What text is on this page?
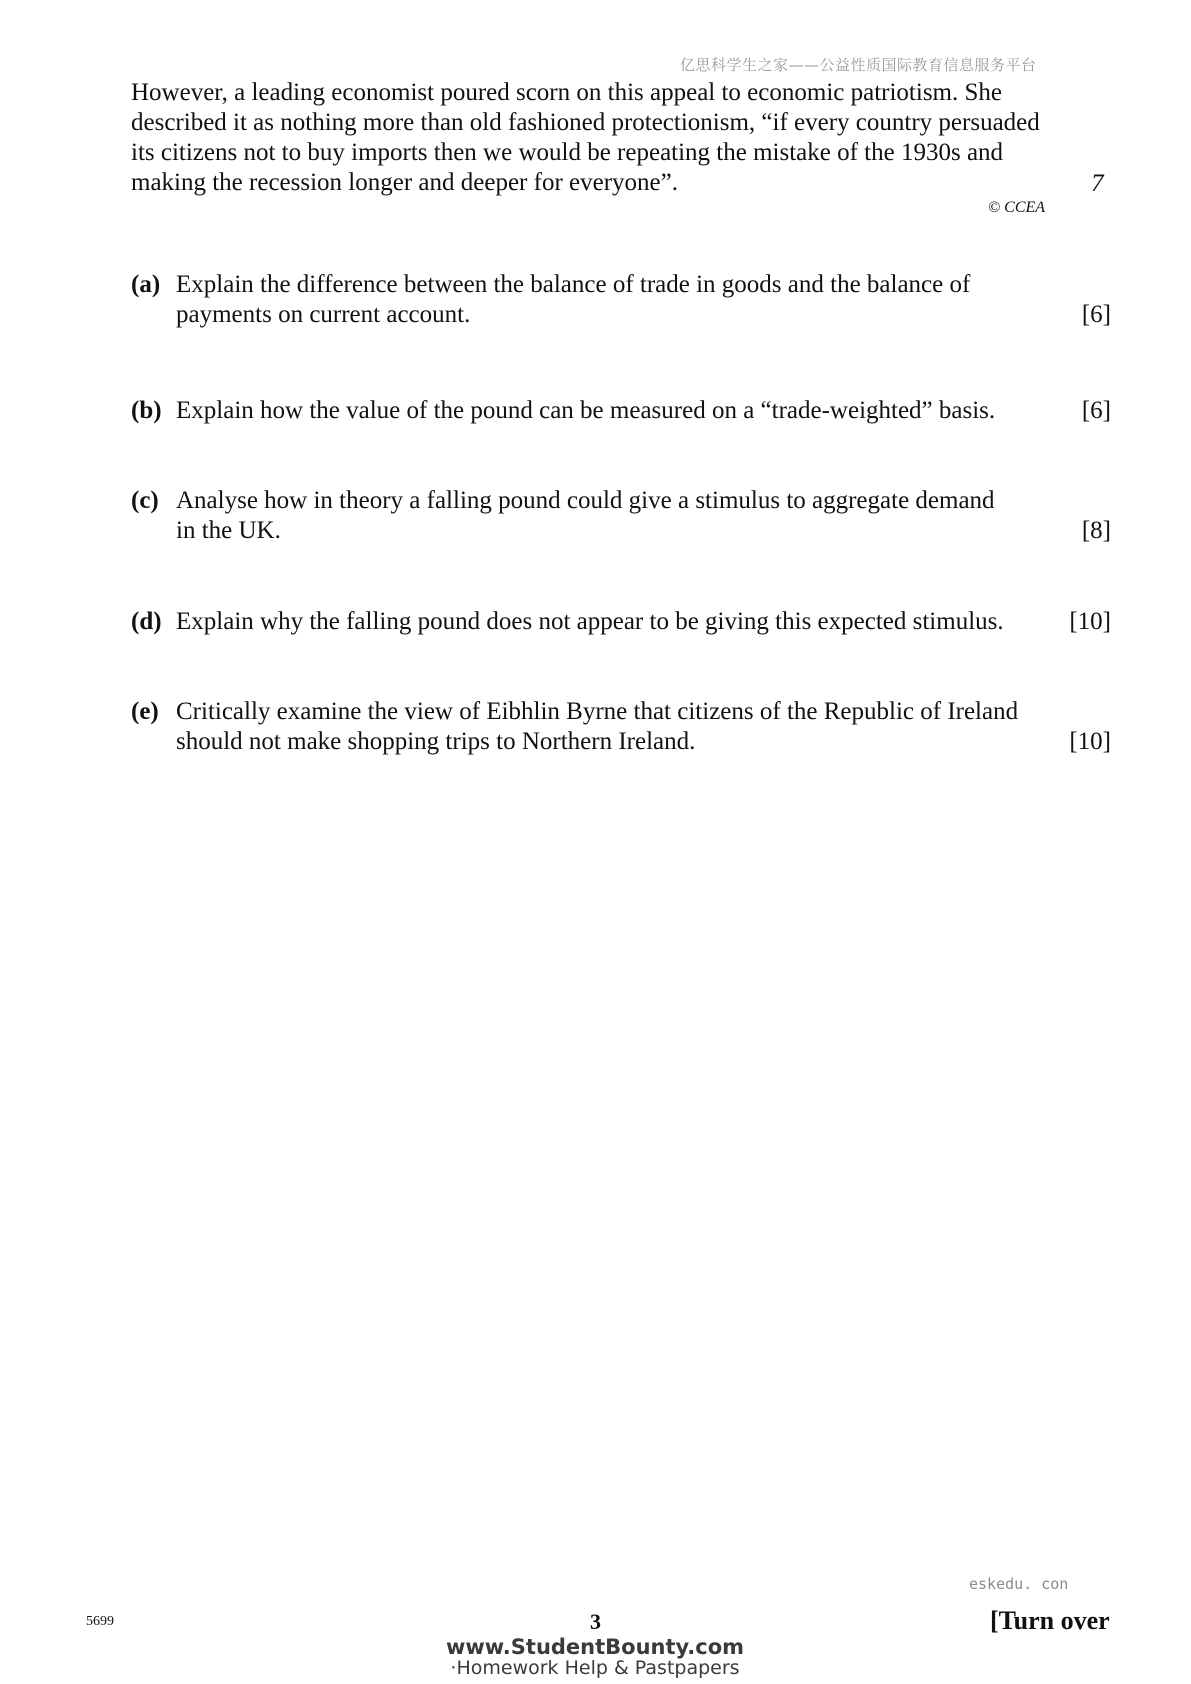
亿思科学生之家——公益性质国际教育信息服务平台
However, a leading economist poured scorn on this appeal to economic patriotism. She
described it as nothing more than old fashioned protectionism, “if every country persuaded
its citizens not to buy imports then we would be repeating the mistake of the 1930s and
making the recession longer and deeper for everyone”.	7
© CCEA
(a) Explain the difference between the balance of trade in goods and the balance of
payments on current account.	[6]
(b) Explain how the value of the pound can be measured on a “trade-weighted” basis.	[6]
(c) Analyse how in theory a falling pound could give a stimulus to aggregate demand
in the UK.	[8]
(d) Explain why the falling pound does not appear to be giving this expected stimulus.	[10]
(e) Critically examine the view of Eibhlin Byrne that citizens of the Republic of Ireland
should not make shopping trips to Northern Ireland.	[10]
eskedu. con
5699	3	[Turn over
www.StudentBounty.com
·Homework Help & Pastpapers
